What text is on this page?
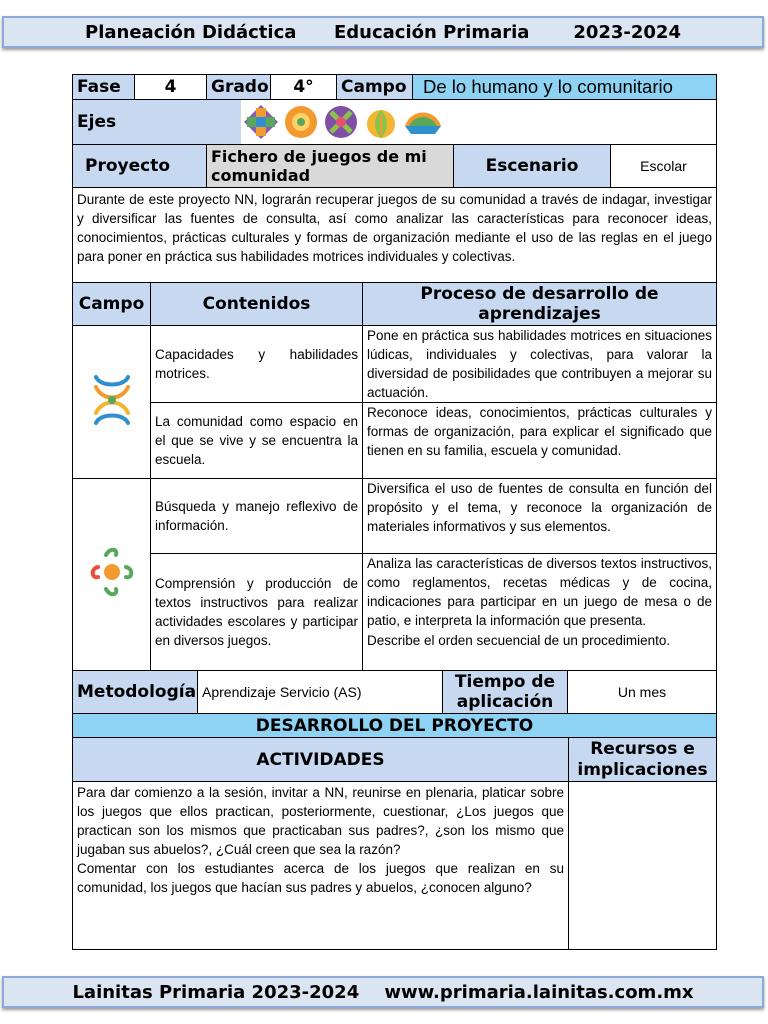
Planeación Didáctica
Educación Primaria
2023-2024
Fase	4	Grado	4°	Campo	De lo humano y lo comunitario		

Ejes							

Proyecto		Fichero de juegos de mi comunidad				Escenario	Escolar
Durante de este proyecto NN, lograrán recuperar juegos de su comunidad a través de indagar, investigar y diversificar las fuentes de consulta, así como analizar las características para reconocer ideas, conocimientos, prácticas culturales y formas de organización mediante el uso de las reglas en el juego para poner en práctica sus habilidades motrices individuales y colectivas.							
Campo	Contenidos	Proceso de desarrollo de aprendizajes
	Capacidades y habilidades motrices.	Pone en práctica sus habilidades motrices en situaciones lúdicas, individuales y colectivas, para valorar la diversidad de posibilidades que contribuyen a mejorar su actuación.
	La comunidad como espacio en el que se vive y se encuentra la escuela.	Reconoce ideas, conocimientos, prácticas culturales y formas de organización, para explicar el significado que tienen en su familia, escuela y comunidad.
	Búsqueda y manejo reflexivo de información.	Diversifica el uso de fuentes de consulta en función del propósito y el tema, y reconoce la organización de materiales informativos y sus elementos.
	Comprensión y producción de textos instructivos para realizar actividades escolares y participar en diversos juegos.	Analiza las características de diversos textos instructivos, como reglamentos, recetas médicas y de cocina, indicaciones para participar en un juego de mesa o de patio, e interpreta la información que presenta.
Describe el orden secuencial de un procedimiento.
Metodología	Aprendizaje Servicio (AS)	Tiempo de aplicación	Un mes
DESARROLLO DEL PROYECTO	
ACTIVIDADES	Recursos e implicaciones

Para dar comienzo a la sesión, invitar a NN, reunirse en plenaria, platicar sobre los juegos que ellos practican, posteriormente, cuestionar, ¿Los juegos que practican son los mismos que practicaban sus padres?, ¿son los mismo que jugaban sus abuelos?, ¿Cuál creen que sea la razón?
Comentar con los estudiantes acerca de los juegos que realizan en su comunidad, los juegos que hacían sus padres y abuelos, ¿conocen alguno?	

Lainitas Primaria 2023-2024
www.primaria.lainitas.com.mx
